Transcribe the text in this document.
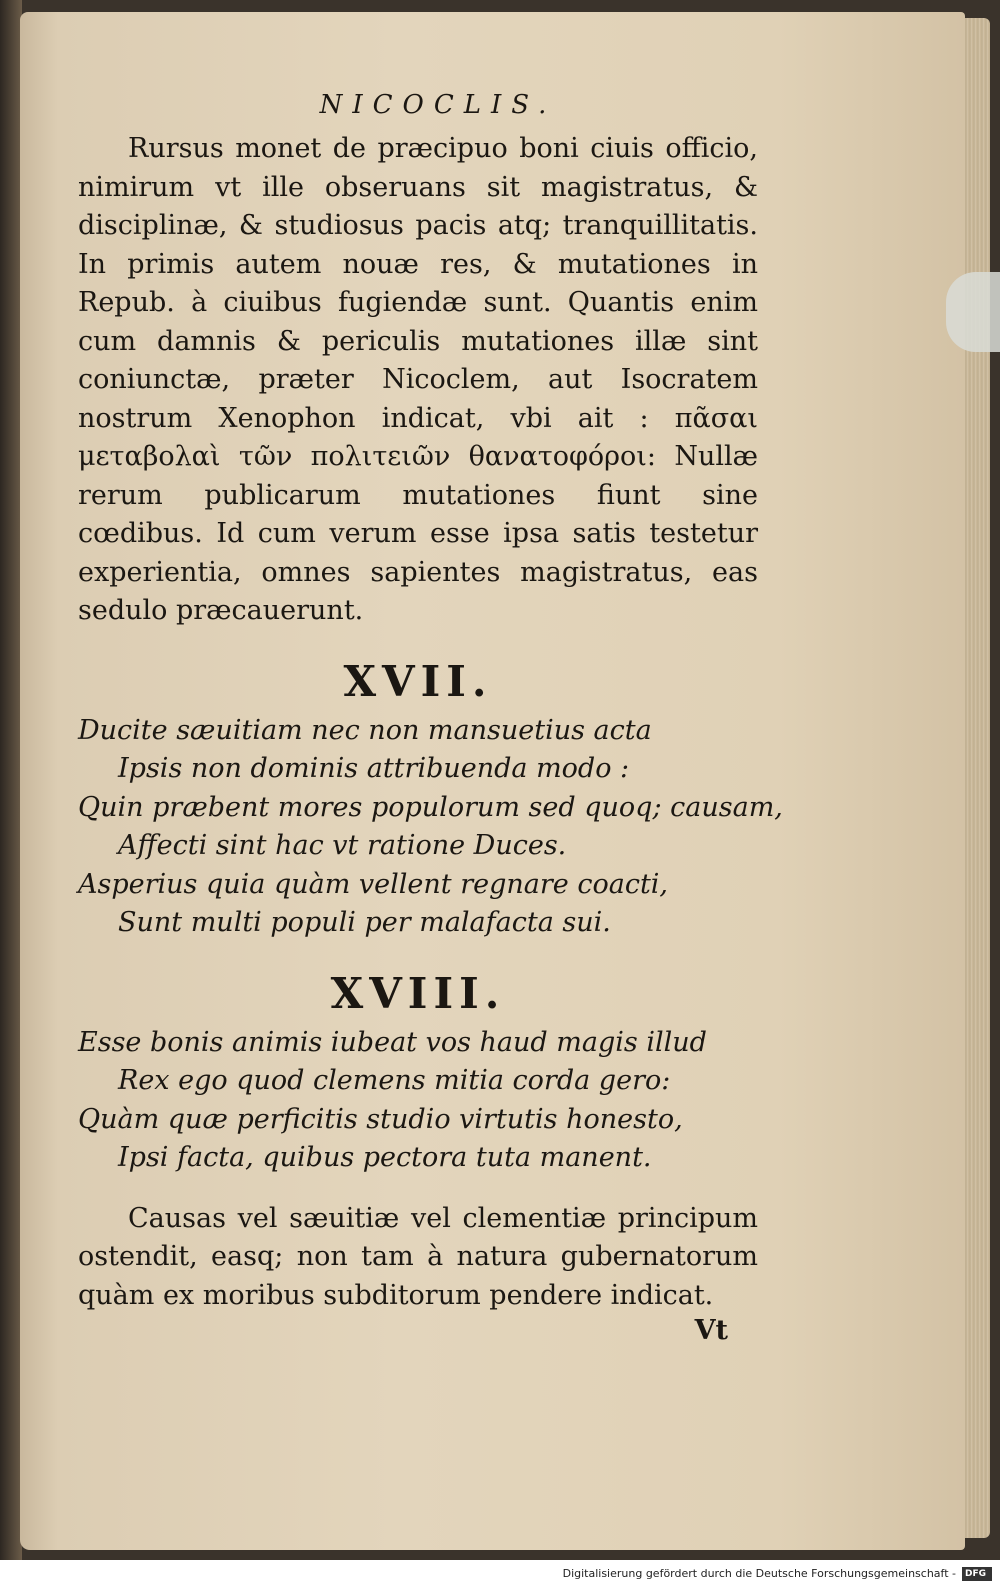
NICOCLIS.

Rursus monet de præcipuo boni ciuis officio, nimirum vt ille obseruans sit magistratus, & disciplinæ, & studiosus pacis atq; tranquillitatis. In primis autem nouæ res, & mutationes in Repub. à ciuibus fugiendæ sunt. Quantis enim cum damnis & periculis mutationes illæ sint coniunctæ, præter Nicoclem, aut Isocratem nostrum Xenophon indicat, vbi ait : πᾶσαι μεταβολαὶ τῶν πολιτειῶν θανατοφόροι: Nullæ rerum publicarum mutationes fiunt sine cœdibus. Id cum verum esse ipsa satis testetur experientia, omnes sapientes magistratus, eas sedulo præcauerunt.

XVII.
Ducite sæuitiam nec non mansuetius acta
Ipsis non dominis attribuenda modo :
Quin præbent mores populorum sed quoq; causam,
Affecti sint hac vt ratione Duces.
Asperius quia quàm vellent regnare coacti,
Sunt multi populi per malafacta sui.
XVIII.
Esse bonis animis iubeat vos haud magis illud
Rex ego quod clemens mitia corda gero:
Quàm quæ perficitis studio virtutis honesto,
Ipsi facta, quibus pectora tuta manent.

Causas vel sæuitiæ vel clementiæ principum ostendit, easq; non tam à natura gubernatorum quàm ex moribus subditorum pendere indicat.

Vt
Digitalisierung gefördert durch die Deutsche Forschungsgemeinschaft - DFG
